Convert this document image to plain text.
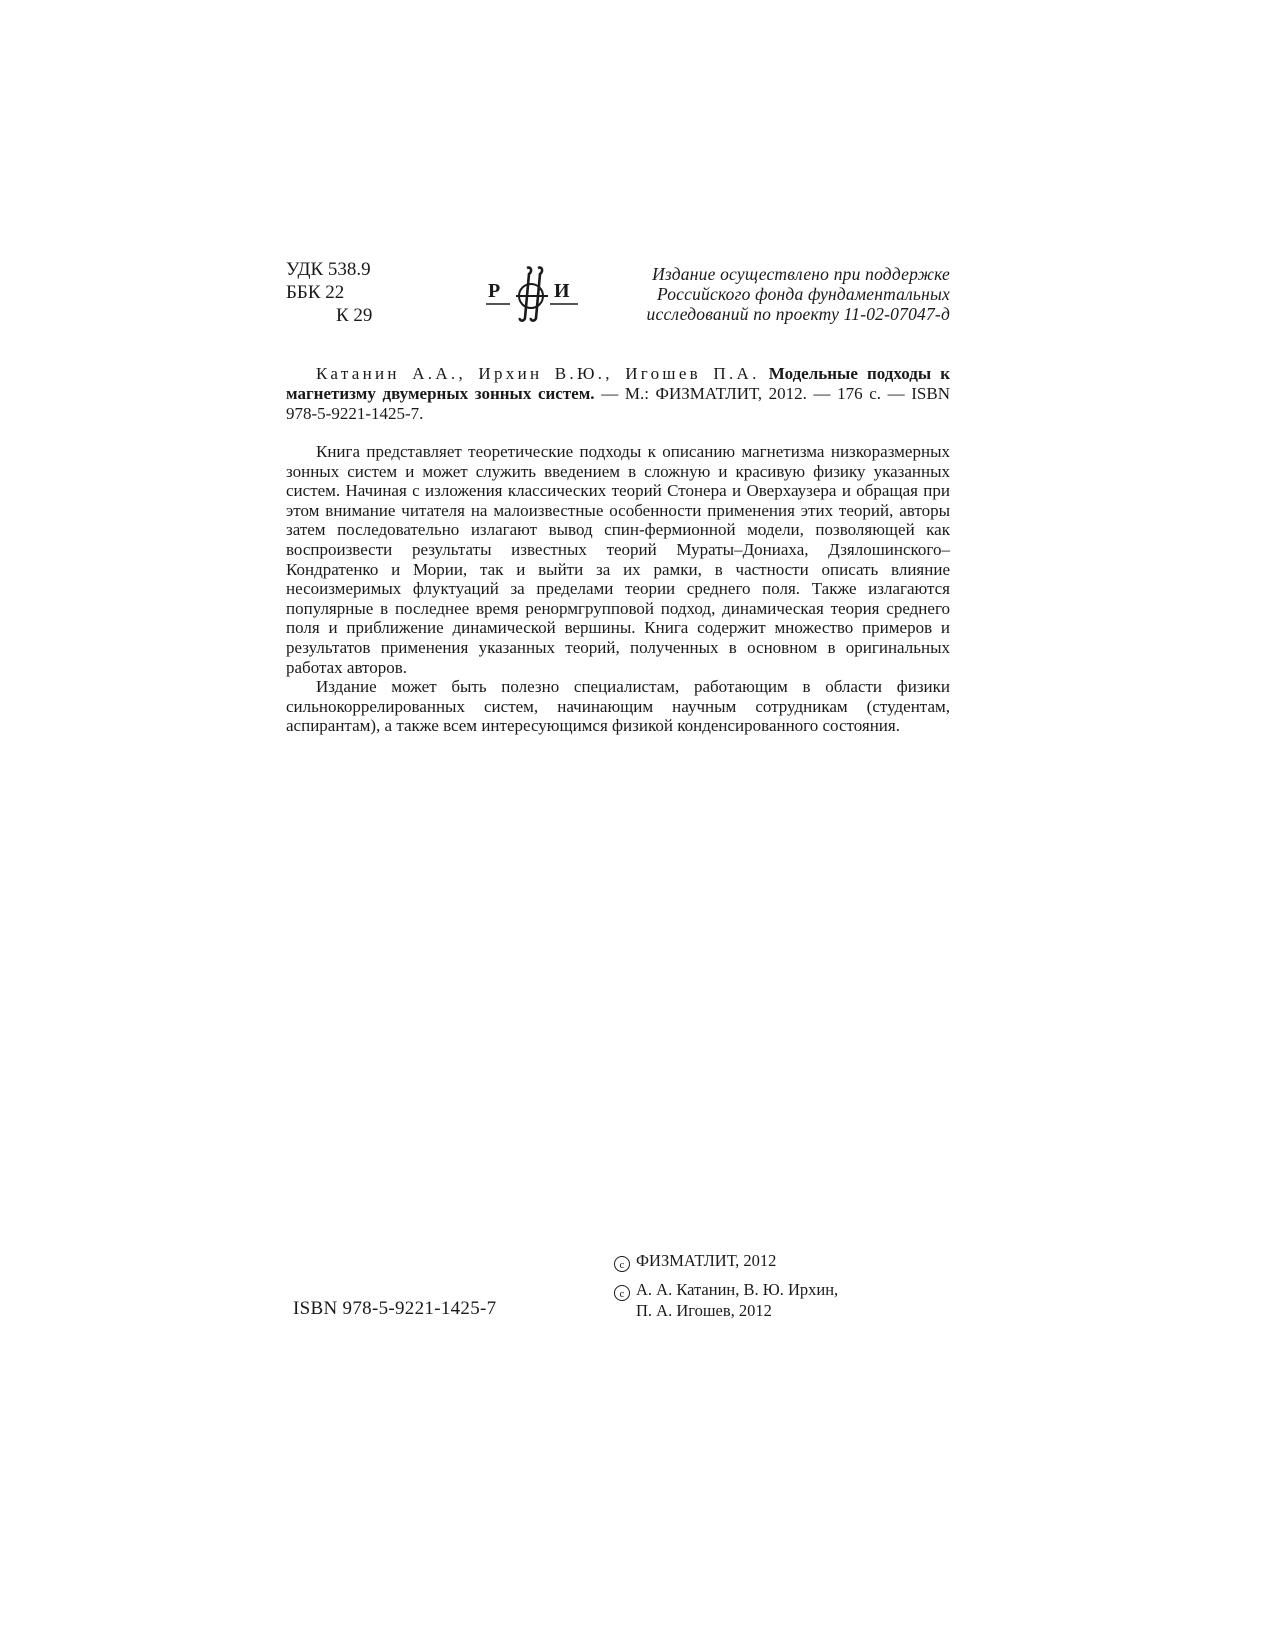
УДК 538.9
ББК 22
К 29
Р	И
Издание осуществлено при поддержке
Российского фонда фундаментальных
исследований по проекту 11-02-07047-д
Катанин А.А., Ирхин В.Ю., Игошев П.А. Модельные подходы к магнетизму двумерных зонных систем. — М.: ФИЗМАТЛИТ, 2012. — 176 с. — ISBN 978-5-9221-1425-7.

Книга представляет теоретические подходы к описанию магнетизма низкоразмерных зонных систем и может служить введением в сложную и красивую физику указанных систем. Начиная с изложения классических теорий Стонера и Оверхаузера и обращая при этом внимание читателя на малоизвестные особенности применения этих теорий, авторы затем последовательно излагают вывод спин-фермионной модели, позволяющей как воспроизвести результаты известных теорий Мураты–Дониаха, Дзялошинского–Кондратенко и Мории, так и выйти за их рамки, в частности описать влияние несоизмеримых флуктуаций за пределами теории среднего поля. Также излагаются популярные в последнее время ренормгрупповой подход, динамическая теория среднего поля и приближение динамической вершины. Книга содержит множество примеров и результатов применения указанных теорий, полученных в основном в оригинальных работах авторов.

Издание может быть полезно специалистам, работающим в области физики сильнокоррелированных систем, начинающим научным сотрудникам (студентам, аспирантам), а также всем интересующимся физикой конденсированного состояния.

ISBN 978-5-9221-1425-7
c ФИЗМАТЛИТ, 2012
c А. А. Катанин, В. Ю. Ирхин,
П. А. Игошев, 2012
